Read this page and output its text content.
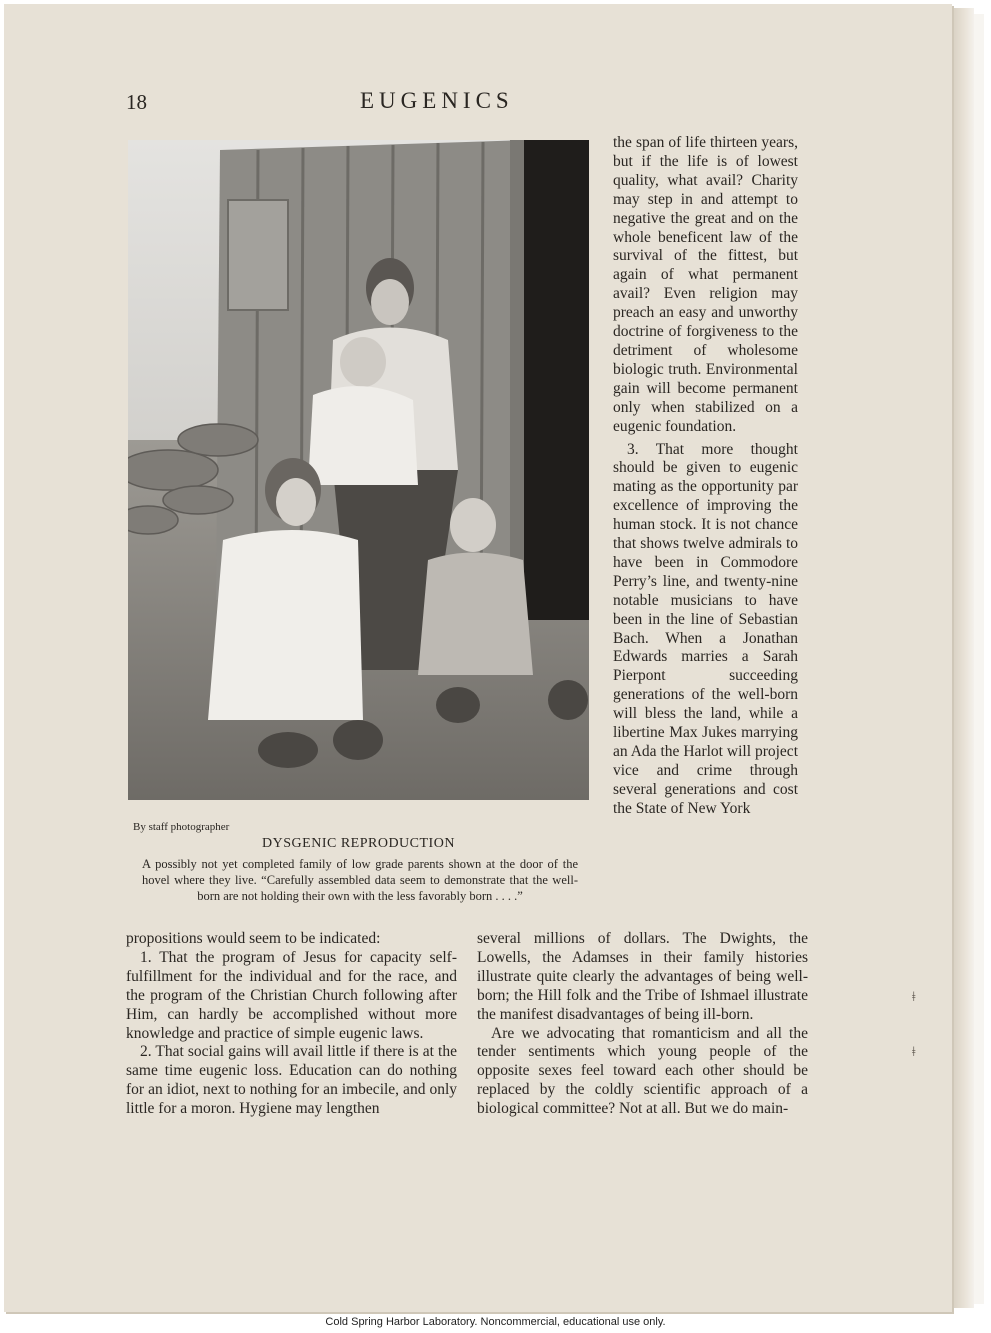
18	EUGENICS
By staff photographer
DYSGENIC REPRODUCTION
A possibly not yet completed family of low grade parents shown at the door of the hovel where they live. “Carefully assembled data seem to demonstrate that the well-born are not holding their own with the less favorably born . . . .”

the span of life thirteen years, but if the life is of lowest quality, what avail? Charity may step in and attempt to negative the great and on the whole beneficent law of the survival of the fittest, but again of what permanent avail? Even religion may preach an easy and unworthy doctrine of forgiveness to the detriment of wholesome biologic truth. Environmental gain will become permanent only when stabilized on a eugenic foundation.

3. That more thought should be given to eugenic mating as the opportunity par excellence of improving the human stock. It is not chance that shows twelve admirals to have been in Commodore Perry’s line, and twenty-nine notable musicians to have been in the line of Sebastian Bach. When a Jonathan Edwards marries a Sarah Pierpont succeeding generations of the well-born will bless the land, while a libertine Max Jukes marrying an Ada the Harlot will project vice and crime through several generations and cost the State of New York

propositions would seem to be indicated:

1. That the program of Jesus for capacity self-fulfillment for the individual and for the race, and the program of the Christian Church following after Him, can hardly be accomplished without more knowledge and practice of simple eugenic laws.

2. That social gains will avail little if there is at the same time eugenic loss. Education can do nothing for an idiot, next to nothing for an imbecile, and only little for a moron. Hygiene may lengthen

several millions of dollars. The Dwights, the Lowells, the Adamses in their family histories illustrate quite clearly the advantages of being well-born; the Hill folk and the Tribe of Ishmael illustrate the manifest disadvantages of being ill-born.

Are we advocating that romanticism and all the tender sentiments which young people of the opposite sexes feel toward each other should be replaced by the coldly scientific approach of a biological committee? Not at all. But we do main-

ǂ
ǂ
Cold Spring Harbor Laboratory. Noncommercial, educational use only.
